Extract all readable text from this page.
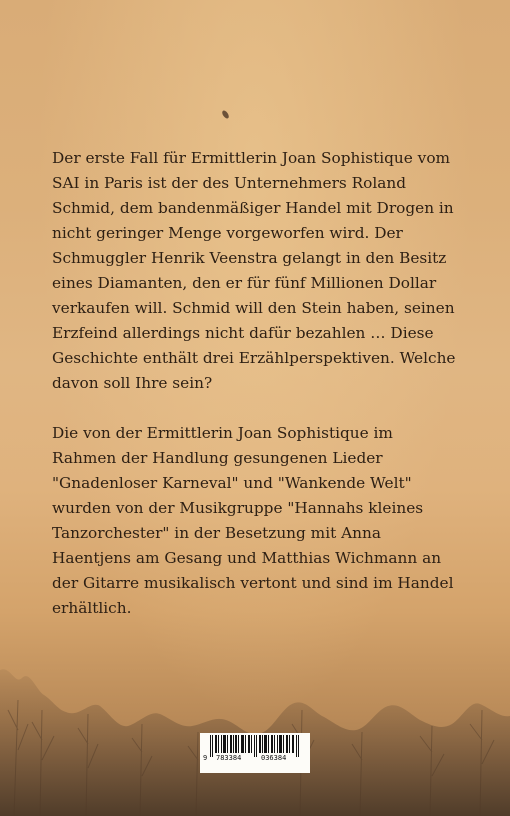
Der erste Fall für Ermittlerin Joan Sophistique vom SAI in Paris ist der des Unternehmers Roland Schmid, dem bandenmäßiger Handel mit Drogen in nicht geringer Menge vorgeworfen wird. Der Schmuggler Henrik Veenstra gelangt in den Besitz eines Diamanten, den er für fünf Millionen Dollar verkaufen will. Schmid will den Stein haben, seinen Erzfeind allerdings nicht dafür bezahlen … Diese Geschichte enthält drei Erzählperspektiven. Welche davon soll Ihre sein?

Die von der Ermittlerin Joan Sophistique im Rahmen der Handlung gesungenen Lieder "Gnadenloser Karneval" und "Wankende Welt" wurden von der Musikgruppe "Hannahs kleines Tanzorchester" in der Besetzung mit Anna Haentjens am Gesang und Matthias Wichmann an der Gitarre musikalisch vertont und sind im Handel erhältlich.

9 783384	036384
